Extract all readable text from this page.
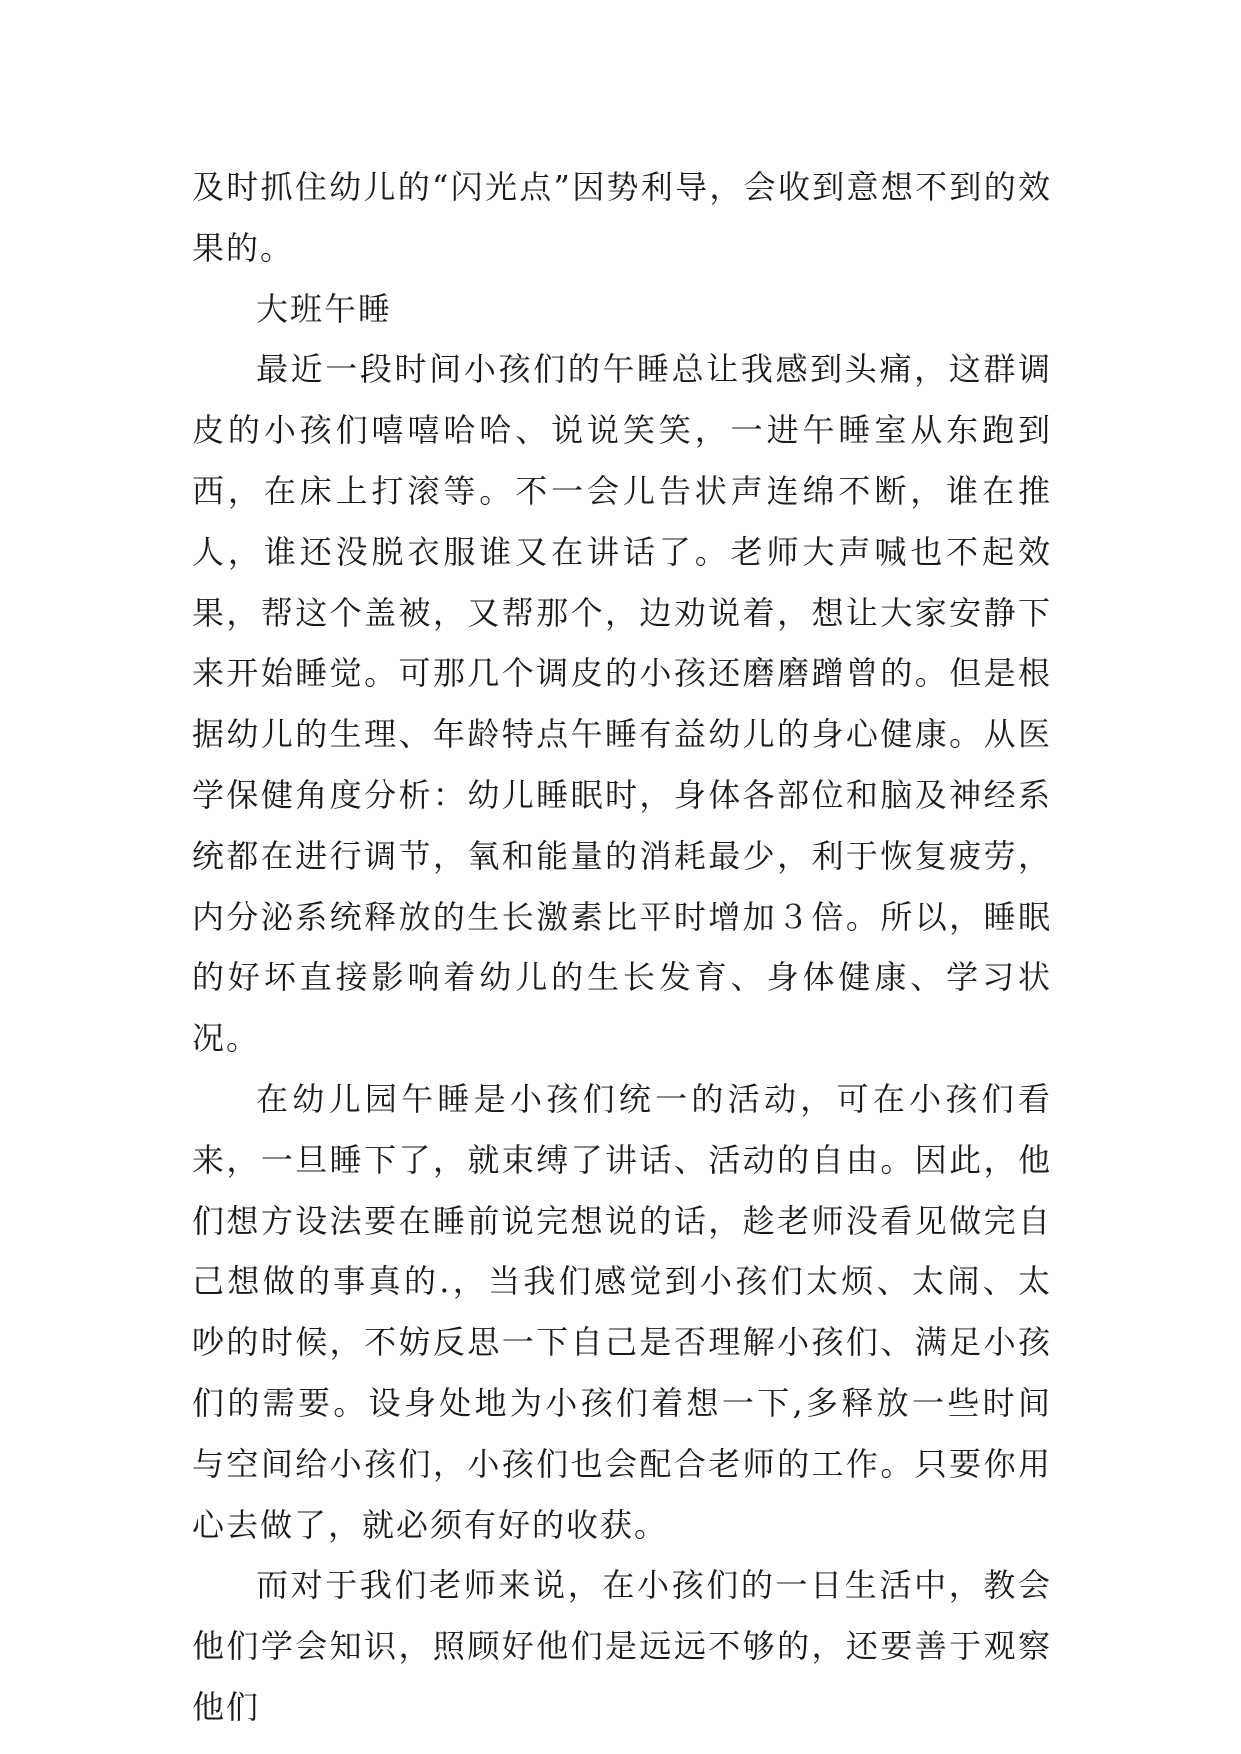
及时抓住幼儿的“闪光点”因势利导，会收到意想不到的效果的。

大班午睡

最近一段时间小孩们的午睡总让我感到头痛，这群调皮的小孩们嘻嘻哈哈、说说笑笑，一进午睡室从东跑到西，在床上打滚等。不一会儿告状声连绵不断，谁在推人，谁还没脱衣服谁又在讲话了。老师大声喊也不起效果，帮这个盖被，又帮那个，边劝说着，想让大家安静下来开始睡觉。可那几个调皮的小孩还磨磨蹭曾的。但是根据幼儿的生理、年龄特点午睡有益幼儿的身心健康。从医学保健角度分析：幼儿睡眠时，身体各部位和脑及神经系统都在进行调节，氧和能量的消耗最少，利于恢复疲劳，内分泌系统释放的生长激素比平时增加３倍。所以，睡眠的好坏直接影响着幼儿的生长发育、身体健康、学习状况。

在幼儿园午睡是小孩们统一的活动，可在小孩们看来，一旦睡下了，就束缚了讲话、活动的自由。因此，他们想方设法要在睡前说完想说的话，趁老师没看见做完自己想做的事真的.，当我们感觉到小孩们太烦、太闹、太吵的时候，不妨反思一下自己是否理解小孩们、满足小孩们的需要。设身处地为小孩们着想一下,多释放一些时间与空间给小孩们，小孩们也会配合老师的工作。只要你用心去做了，就必须有好的收获。

而对于我们老师来说，在小孩们的一日生活中，教会他们学会知识，照顾好他们是远远不够的，还要善于观察他们
